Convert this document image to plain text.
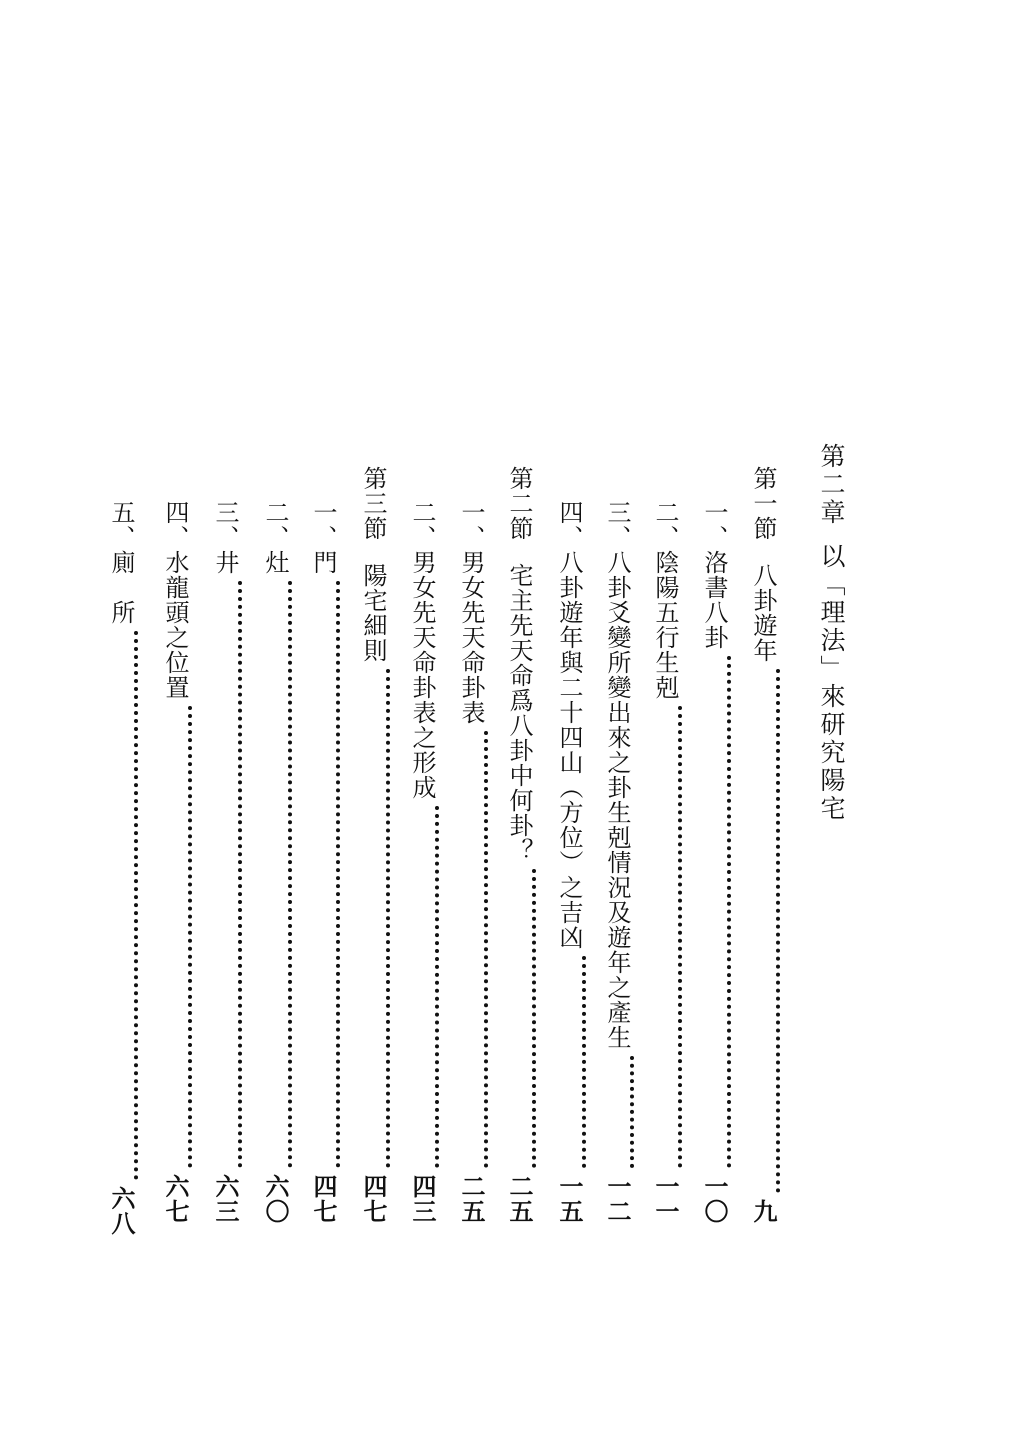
第二章
以「理法」來研究陽宅
第一節
八卦遊年
九
一、
洛書八卦
一〇
二、
陰陽五行生剋
一一
三、
八卦爻變所變出來之卦生剋情況及遊年之產生
一二
四、
八卦遊年與二十四山（方位）之吉凶
一五
第二節
宅主先天命爲八卦中何卦？
二五
一、
男女先天命卦表
二五
二、
男女先天命卦表之形成
四三
第三節
陽宅細則
四七
一、
門
四七
二、
灶
六〇
三、
井
六三
四、
水龍頭之位置
六七
五、
廁　所
六八
